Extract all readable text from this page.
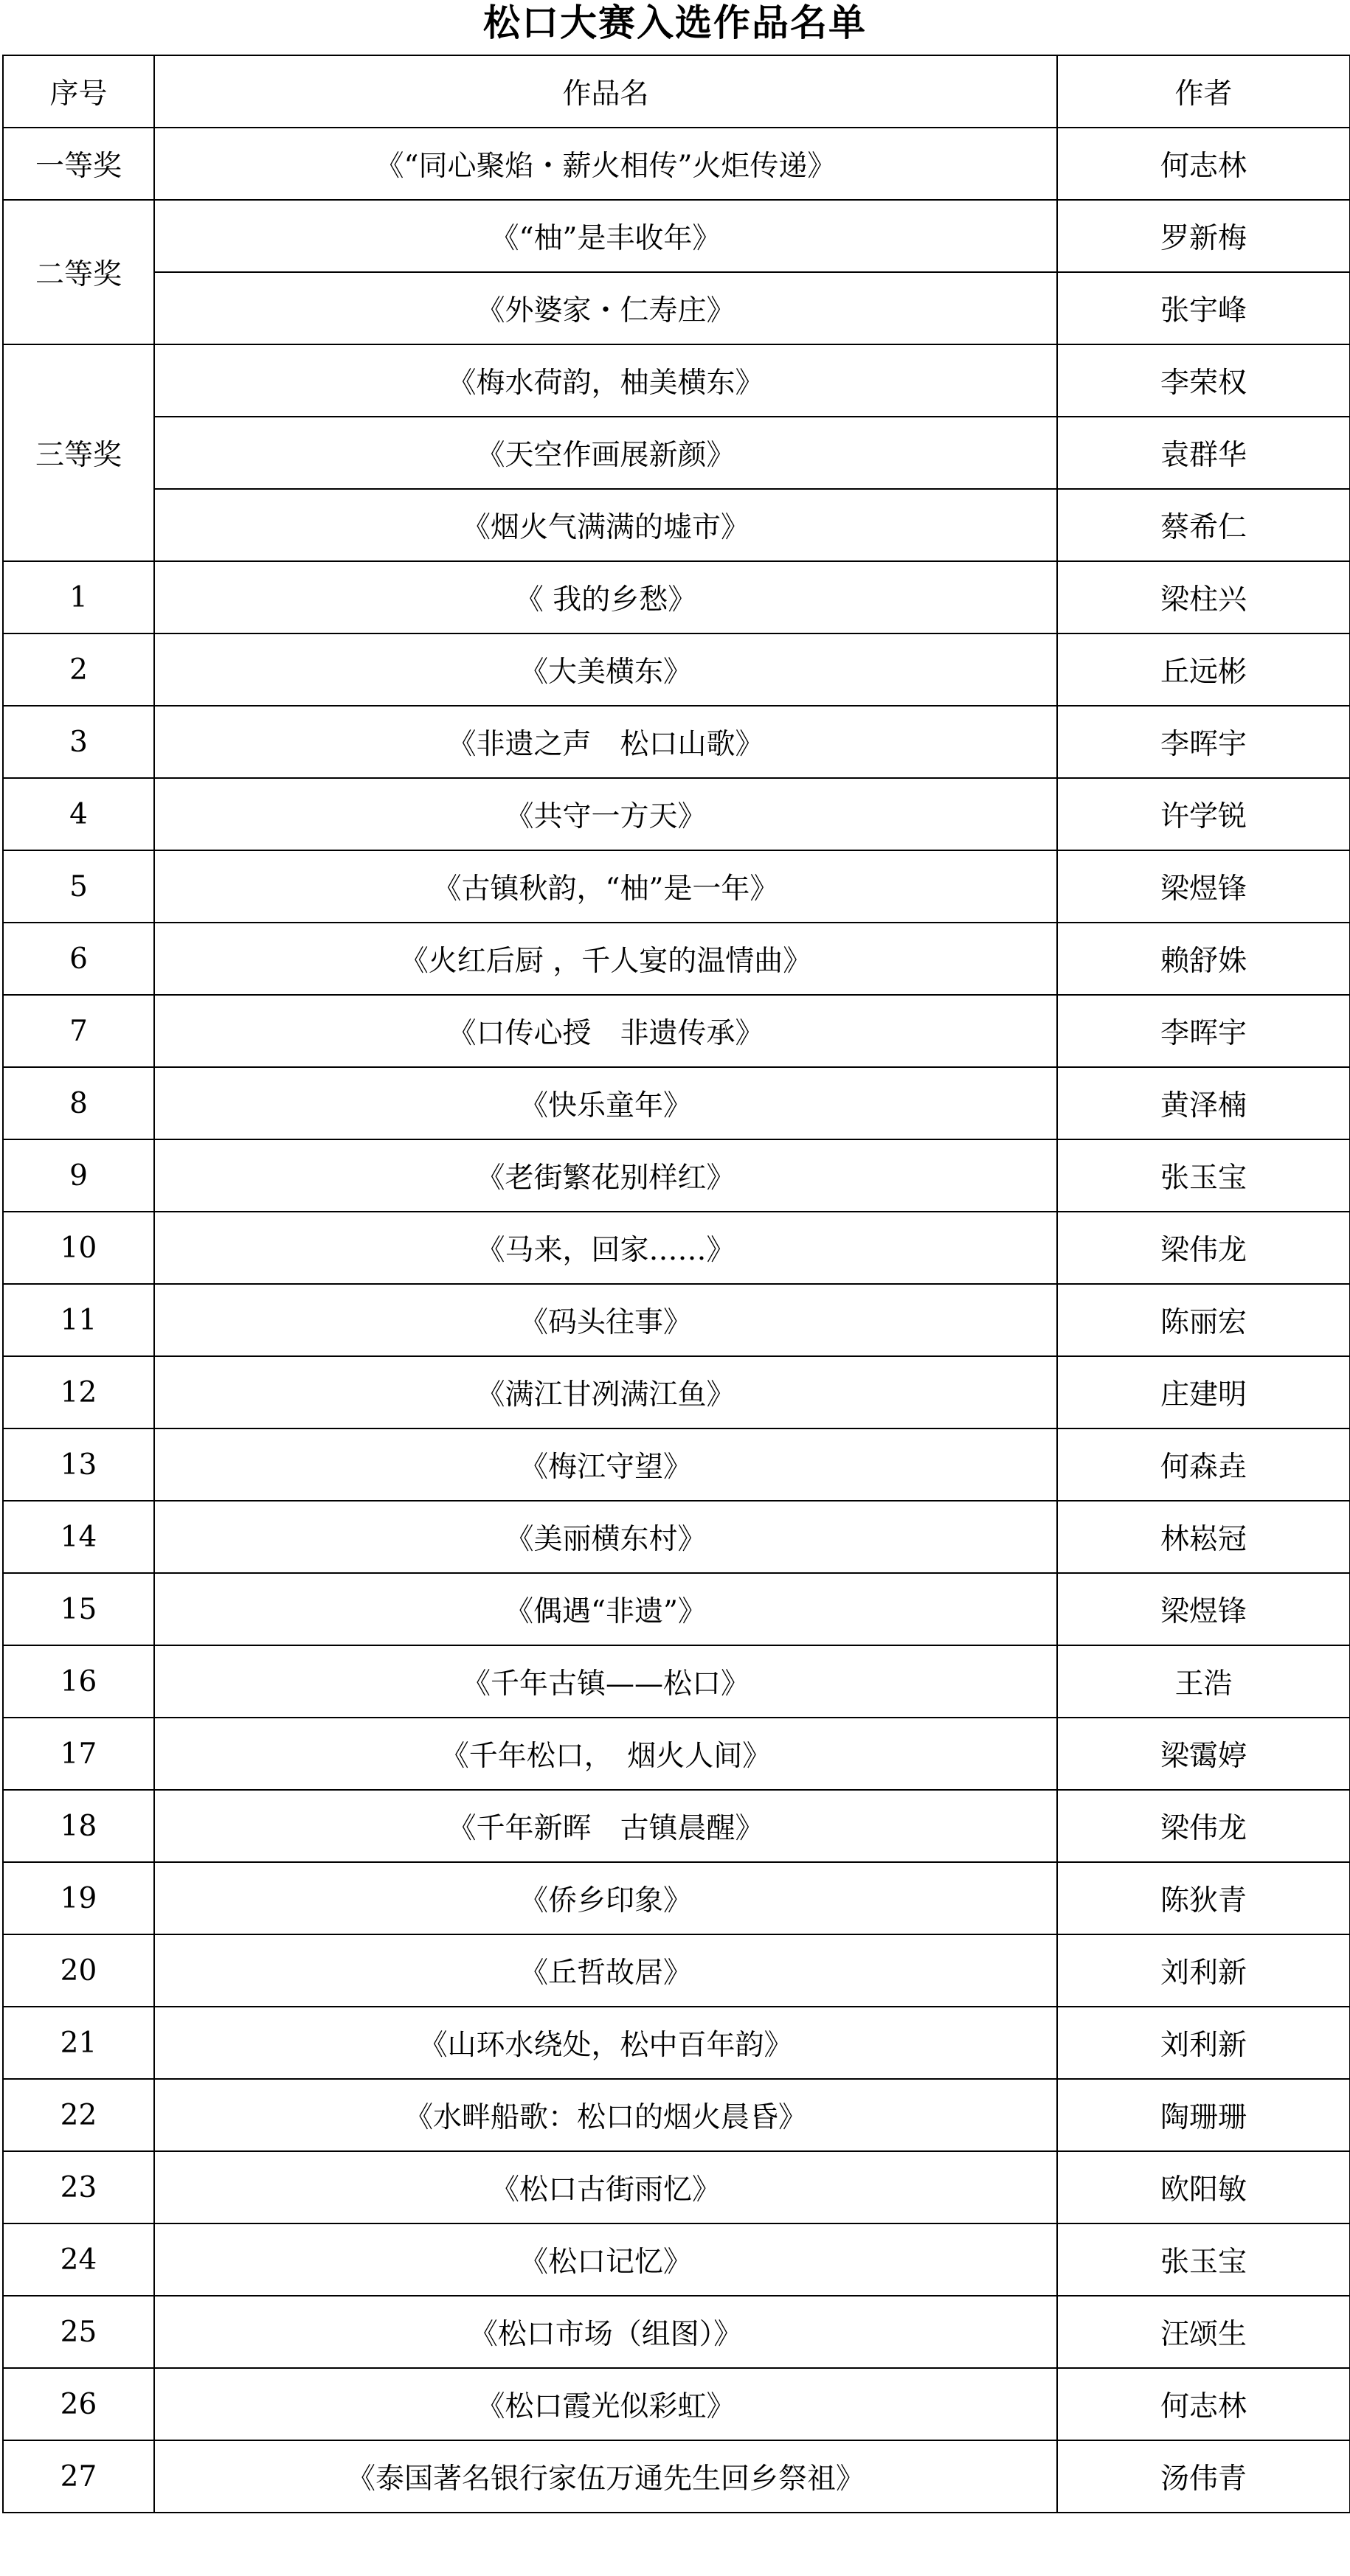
松口大赛入选作品名单
序号	作品名	作者
一等奖	《“同心聚焰・薪火相传”火炬传递》	何志林
二等奖	《“柚”是丰收年》	罗新梅
	《外婆家・仁寿庄》	张宇峰
三等奖	《梅水荷韵，柚美横东》	李荣权
	《天空作画展新颜》	袁群华
	《烟火气满满的墟市》	蔡希仁
1	《 我的乡愁》	梁柱兴
2	《大美横东》	丘远彬
3	《非遗之声　松口山歌》	李晖宇
4	《共守一方天》	许学锐
5	《古镇秋韵，“柚”是一年》	梁煜锋
6	《火红后厨 ，千人宴的温情曲》	赖舒姝
7	《口传心授　非遗传承》	李晖宇
8	《快乐童年》	黄泽楠
9	《老街繁花别样红》	张玉宝
10	《马来，回家……》	梁伟龙
11	《码头往事》	陈丽宏
12	《满江甘冽满江鱼》	庄建明
13	《梅江守望》	何森垚
14	《美丽横东村》	林崧冠
15	《偶遇“非遗”》	梁煜锋
16	《千年古镇——松口》	王浩
17	《千年松口，　烟火人间》	梁霭婷
18	《千年新晖　古镇晨醒》	梁伟龙
19	《侨乡印象》	陈狄青
20	《丘哲故居》	刘利新
21	《山环水绕处，松中百年韵》	刘利新
22	《水畔船歌：松口的烟火晨昏》	陶珊珊
23	《松口古街雨忆》	欧阳敏
24	《松口记忆》	张玉宝
25	《松口市场（组图）》	汪颂生
26	《松口霞光似彩虹》	何志林
27	《泰国著名银行家伍万通先生回乡祭祖》	汤伟青
